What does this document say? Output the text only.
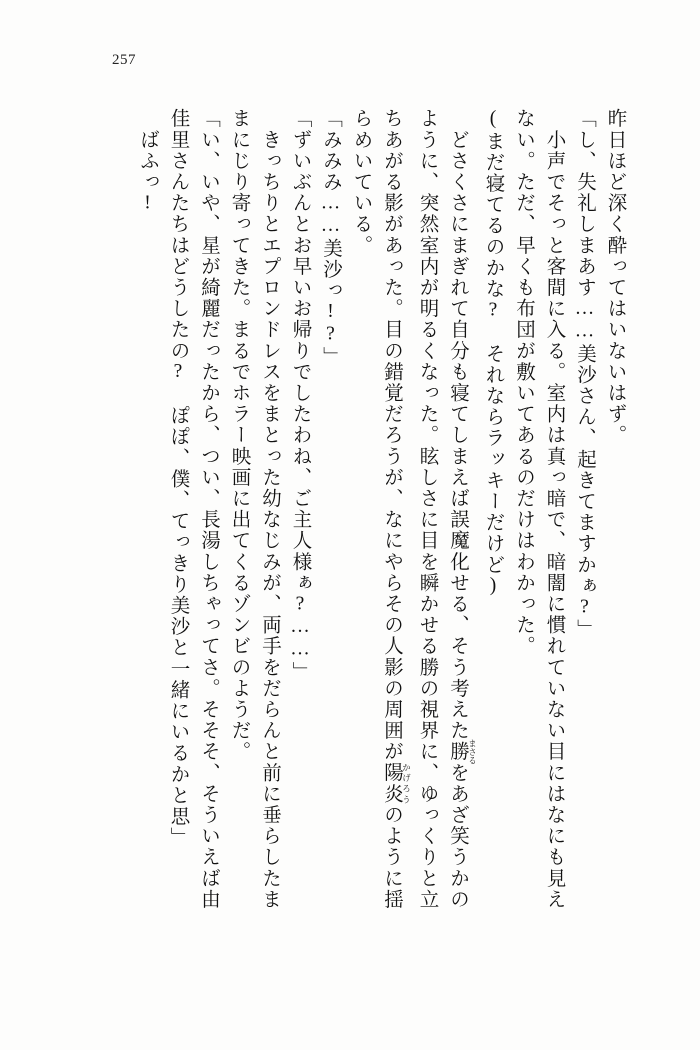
257
昨日ほど深く酔ってはいないはず。
「し、失礼しまあす……美沙さん、起きてますかぁ?」
　小声でそっと客間に入る。室内は真っ暗で、暗闇に慣れていない目にはなにも見え
ない。ただ、早くも布団が敷いてあるのだけはわかった。
(まだ寝てるのかな?　それならラッキーだけど)
　どさくさにまぎれて自分も寝てしまえば誤魔化せる、そう考えた勝 まさるをあざ笑うかの
ように、突然室内が明るくなった。眩しさに目を瞬かせる勝の視界に、ゆっくりと立
ちあがる影があった。目の錯覚だろうが、なにやらその人影の周囲が陽炎 かげろうのように揺
らめいている。
「みみみ……美沙っ!?」
「ずいぶんとお早いお帰りでしたわね、ご主人様ぁ?……」
　きっちりとエプロンドレスをまとった幼なじみが、両手をだらんと前に垂らしたま
まにじり寄ってきた。まるでホラー映画に出てくるゾンビのようだ。
「い、いや、星が綺麗だったから、つい、長湯しちゃってさ。そそそ、そういえば由
佳里さんたちはどうしたの?　ぽぽ、僕、てっきり美沙と一緒にいるかと思」
　ばふっ!
